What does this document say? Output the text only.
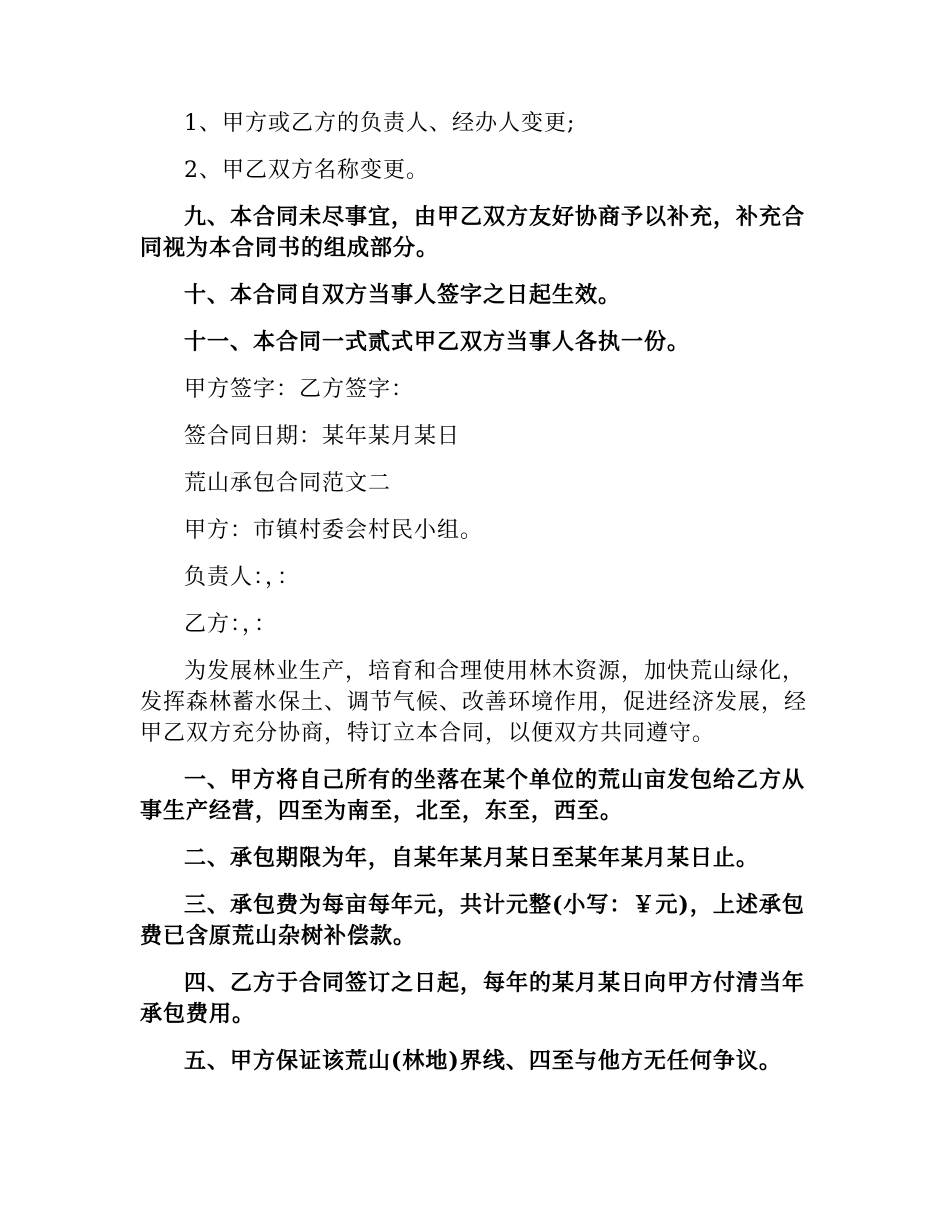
1、甲方或乙方的负责人、经办人变更;

2、甲乙双方名称变更。

九、本合同未尽事宜，由甲乙双方友好协商予以补充，补充合同视为本合同书的组成部分。

十、本合同自双方当事人签字之日起生效。

十一、本合同一式贰式甲乙双方当事人各执一份。

甲方签字：乙方签字：

签合同日期：某年某月某日

荒山承包合同范文二

甲方：市镇村委会村民小组。

负责人：，：

乙方：，：

为发展林业生产，培育和合理使用林木资源，加快荒山绿化，发挥森林蓄水保土、调节气候、改善环境作用，促进经济发展，经甲乙双方充分协商，特订立本合同，以便双方共同遵守。

一、甲方将自己所有的坐落在某个单位的荒山亩发包给乙方从事生产经营，四至为南至，北至，东至，西至。

二、承包期限为年，自某年某月某日至某年某月某日止。

三、承包费为每亩每年元，共计元整(小写：￥元)，上述承包费已含原荒山杂树补偿款。

四、乙方于合同签订之日起，每年的某月某日向甲方付清当年承包费用。

五、甲方保证该荒山(林地)界线、四至与他方无任何争议。
